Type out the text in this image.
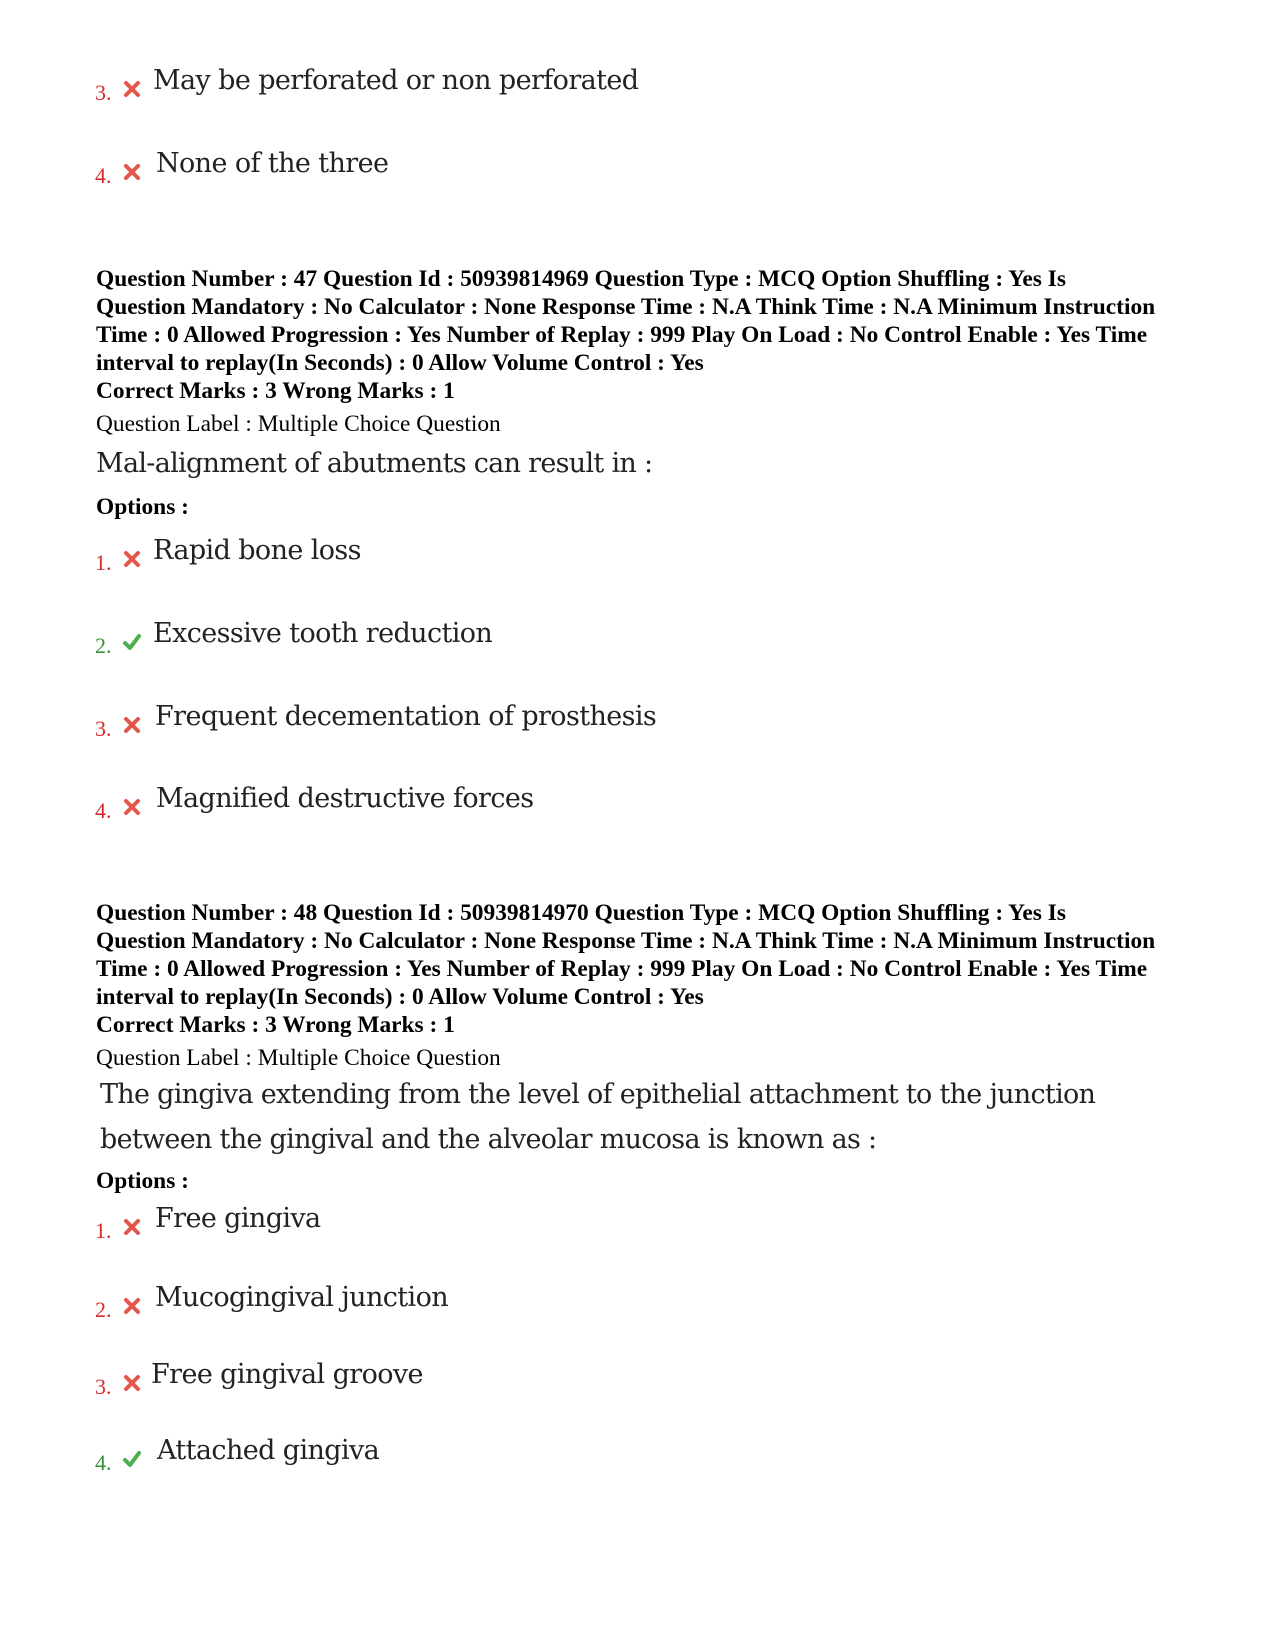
3. May be perforated or non perforated
4. None of the three

Question Number : 47 Question Id : 50939814969 Question Type : MCQ Option Shuffling : Yes Is Question Mandatory : No Calculator : None Response Time : N.A Think Time : N.A Minimum Instruction Time : 0 Allowed Progression : Yes Number of Replay : 999 Play On Load : No Control Enable : Yes Time interval to replay(In Seconds) : 0 Allow Volume Control : Yes

Correct Marks : 3 Wrong Marks : 1
Question Label : Multiple Choice Question
Mal-alignment of abutments can result in :
Options :
1. Rapid bone loss
2. Excessive tooth reduction
3. Frequent decementation of prosthesis
4. Magnified destructive forces

Question Number : 48 Question Id : 50939814970 Question Type : MCQ Option Shuffling : Yes Is Question Mandatory : No Calculator : None Response Time : N.A Think Time : N.A Minimum Instruction Time : 0 Allowed Progression : Yes Number of Replay : 999 Play On Load : No Control Enable : Yes Time interval to replay(In Seconds) : 0 Allow Volume Control : Yes

Correct Marks : 3 Wrong Marks : 1
Question Label : Multiple Choice Question
The gingiva extending from the level of epithelial attachment to the junction between the gingival and the alveolar mucosa is known as :
Options :
1. Free gingiva
2. Mucogingival junction
3. Free gingival groove
4. Attached gingiva
